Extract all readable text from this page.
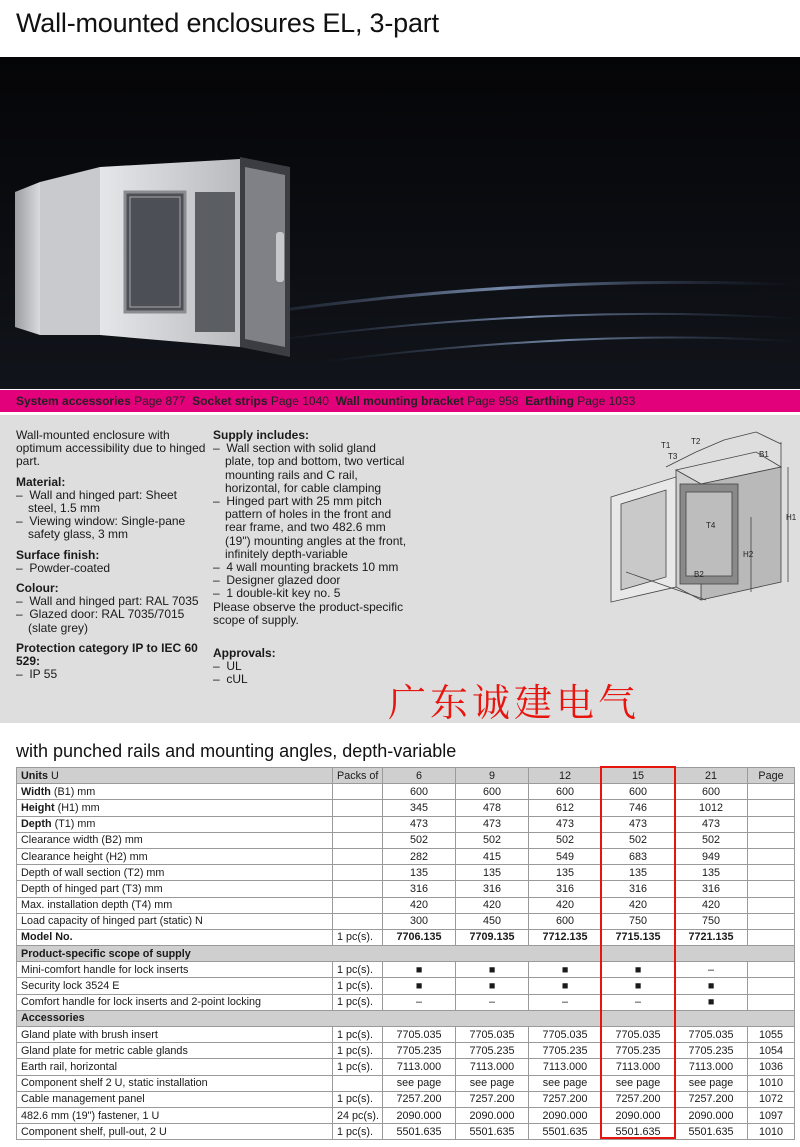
Wall-mounted enclosures EL, 3-part
System accessories Page 877 Socket strips Page 1040 Wall mounting bracket Page 958 Earthing Page 1033
Wall-mounted enclosure with optimum accessibility due to hinged part.
Material:
–  Wall and hinged part: Sheet steel, 1.5 mm
–  Viewing window: Single-pane safety glass, 3 mm
Surface finish:
–  Powder-coated
Colour:
–  Wall and hinged part: RAL 7035
–  Glazed door: RAL 7035/7015 (slate grey)
Protection category IP to IEC 60 529:
–  IP 55
Supply includes:
–  Wall section with solid gland plate, top and bottom, two vertical mounting rails and C rail, horizontal, for cable clamping
–  Hinged part with 25 mm pitch pattern of holes in the front and rear frame, and two 482.6 mm (19") mounting angles at the front, infinitely depth-variable
–  4 wall mounting brackets 10 mm
–  Designer glazed door
–  1 double-kit key no. 5
Please observe the product-specific scope of supply.
Approvals:
–  UL
–  cUL
T1	T2
T3	B1
H1
H2
T4
B2
广东诚建电气
with punched rails and mounting angles, depth-variable
Units U	Packs of	6	9	12	15	21	Page
Width (B1) mm		600	600	600	600	600	
Height (H1) mm		345	478	612	746	1012	
Depth (T1) mm		473	473	473	473	473	
Clearance width (B2) mm		502	502	502	502	502	
Clearance height (H2) mm		282	415	549	683	949	
Depth of wall section (T2) mm		135	135	135	135	135	
Depth of hinged part (T3) mm		316	316	316	316	316	
Max. installation depth (T4) mm		420	420	420	420	420	
Load capacity of hinged part (static) N		300	450	600	750	750	
Model No.	1 pc(s).	7706.135	7709.135	7712.135	7715.135	7721.135	
Product-specific scope of supply							
Mini-comfort handle for lock inserts	1 pc(s).	■	■	■	■	–	
Security lock 3524 E	1 pc(s).	■	■	■	■	■	
Comfort handle for lock inserts and 2-point locking	1 pc(s).	–	–	–	–	■	
Accessories							
Gland plate with brush insert	1 pc(s).	7705.035	7705.035	7705.035	7705.035	7705.035	1055
Gland plate for metric cable glands	1 pc(s).	7705.235	7705.235	7705.235	7705.235	7705.235	1054
Earth rail, horizontal	1 pc(s).	7113.000	7113.000	7113.000	7113.000	7113.000	1036
Component shelf 2 U, static installation		see page	see page	see page	see page	see page	1010
Cable management panel	1 pc(s).	7257.200	7257.200	7257.200	7257.200	7257.200	1072
482.6 mm (19") fastener, 1 U	24 pc(s).	2090.000	2090.000	2090.000	2090.000	2090.000	1097
Component shelf, pull-out, 2 U	1 pc(s).	5501.635	5501.635	5501.635	5501.635	5501.635	1010
